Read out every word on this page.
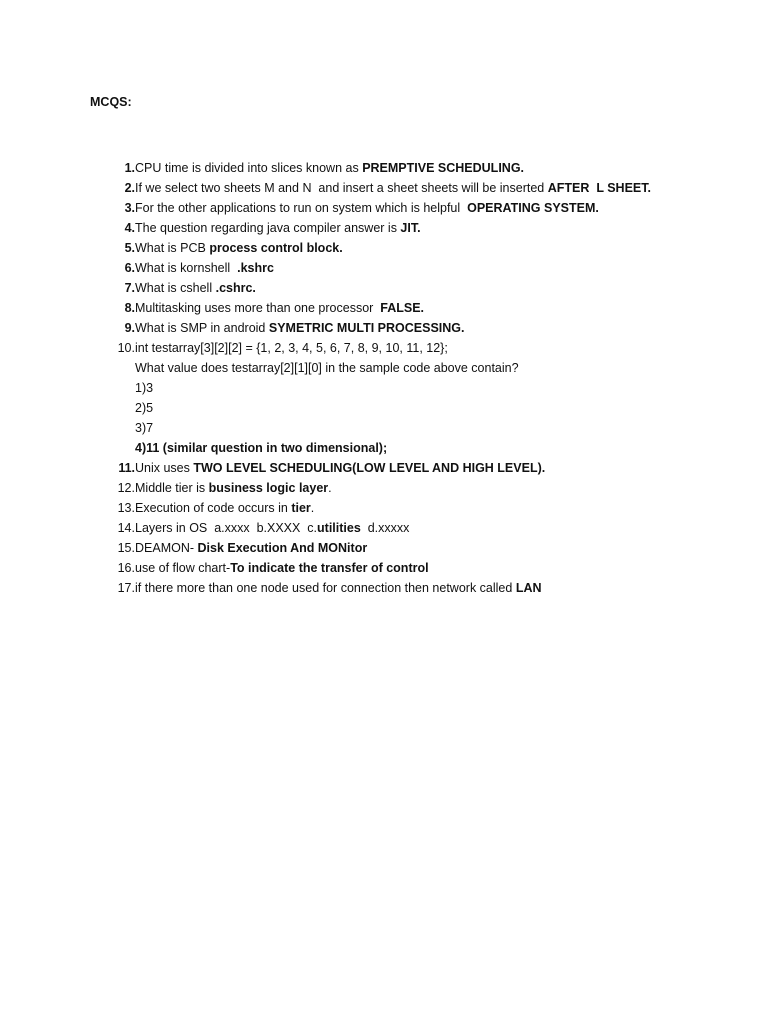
MCQS:
1. CPU time is divided into slices known as PREMPTIVE SCHEDULING.
2. If we select two sheets M and N  and insert a sheet sheets will be inserted AFTER  L SHEET.
3. For the other applications to run on system which is helpful  OPERATING SYSTEM.
4. The question regarding java compiler answer is JIT.
5. What is PCB process control block.
6. What is kornshell  .kshrc
7. What is cshell .cshrc.
8. Multitasking uses more than one processor  FALSE.
9. What is SMP in android SYMETRIC MULTI PROCESSING.
10. int testarray[3][2][2] = {1, 2, 3, 4, 5, 6, 7, 8, 9, 10, 11, 12};
What value does testarray[2][1][0] in the sample code above contain?
1)3
2)5
3)7
4)11 (similar question in two dimensional);
11. Unix uses TWO LEVEL SCHEDULING(LOW LEVEL AND HIGH LEVEL).
12. Middle tier is business logic layer.
13. Execution of code occurs in tier.
14. Layers in OS  a.xxxx  b.XXXX  c.utilities  d.xxxxx
15. DEAMON- Disk Execution And MONitor
16. use of flow chart-To indicate the transfer of control
17. if there more than one node used for connection then network called LAN
